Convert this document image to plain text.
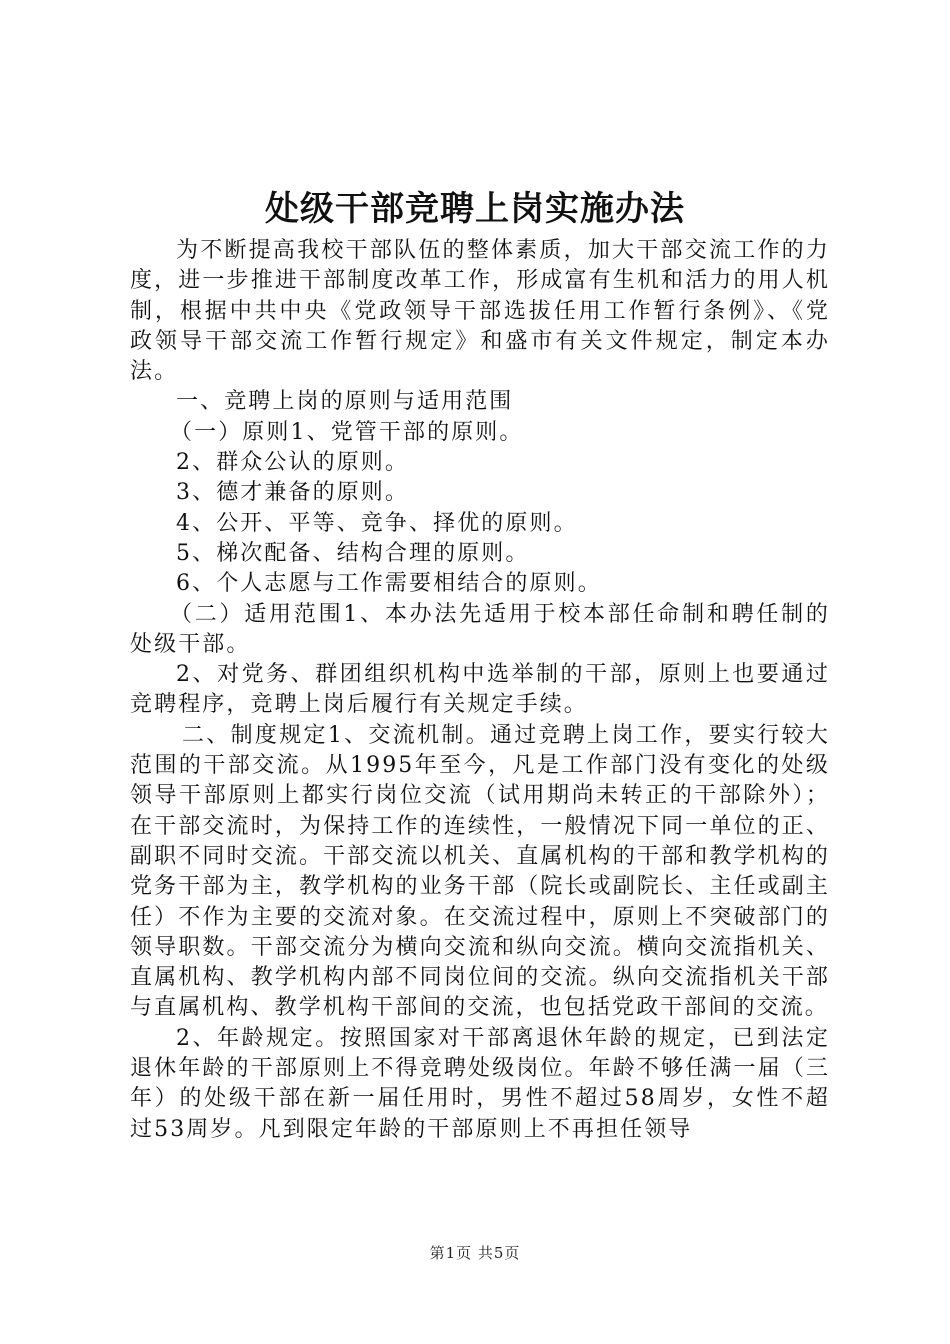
处级干部竞聘上岗实施办法

为不断提高我校干部队伍的整体素质，加大干部交流工作的力度，进一步推进干部制度改革工作，形成富有生机和活力的用人机制，根据中共中央《党政领导干部选拔任用工作暂行条例》、《党政领导干部交流工作暂行规定》和盛市有关文件规定，制定本办法。

一、竞聘上岗的原则与适用范围

（一）原则1、党管干部的原则。

2、群众公认的原则。

3、德才兼备的原则。

4、公开、平等、竞争、择优的原则。

5、梯次配备、结构合理的原则。

6、个人志愿与工作需要相结合的原则。

（二）适用范围1、本办法先适用于校本部任命制和聘任制的处级干部。

2、对党务、群团组织机构中选举制的干部，原则上也要通过竞聘程序，竞聘上岗后履行有关规定手续。

二、制度规定1、交流机制。通过竞聘上岗工作，要实行较大范围的干部交流。从1995年至今，凡是工作部门没有变化的处级领导干部原则上都实行岗位交流（试用期尚未转正的干部除外）；在干部交流时，为保持工作的连续性，一般情况下同一单位的正、副职不同时交流。干部交流以机关、直属机构的干部和教学机构的党务干部为主，教学机构的业务干部（院长或副院长、主任或副主任）不作为主要的交流对象。在交流过程中，原则上不突破部门的领导职数。干部交流分为横向交流和纵向交流。横向交流指机关、直属机构、教学机构内部不同岗位间的交流。纵向交流指机关干部与直属机构、教学机构干部间的交流，也包括党政干部间的交流。

2、年龄规定。按照国家对干部离退休年龄的规定，已到法定退休年龄的干部原则上不得竞聘处级岗位。年龄不够任满一届（三年）的处级干部在新一届任用时，男性不超过58周岁，女性不超过53周岁。凡到限定年龄的干部原则上不再担任领导

第1页 共5页
